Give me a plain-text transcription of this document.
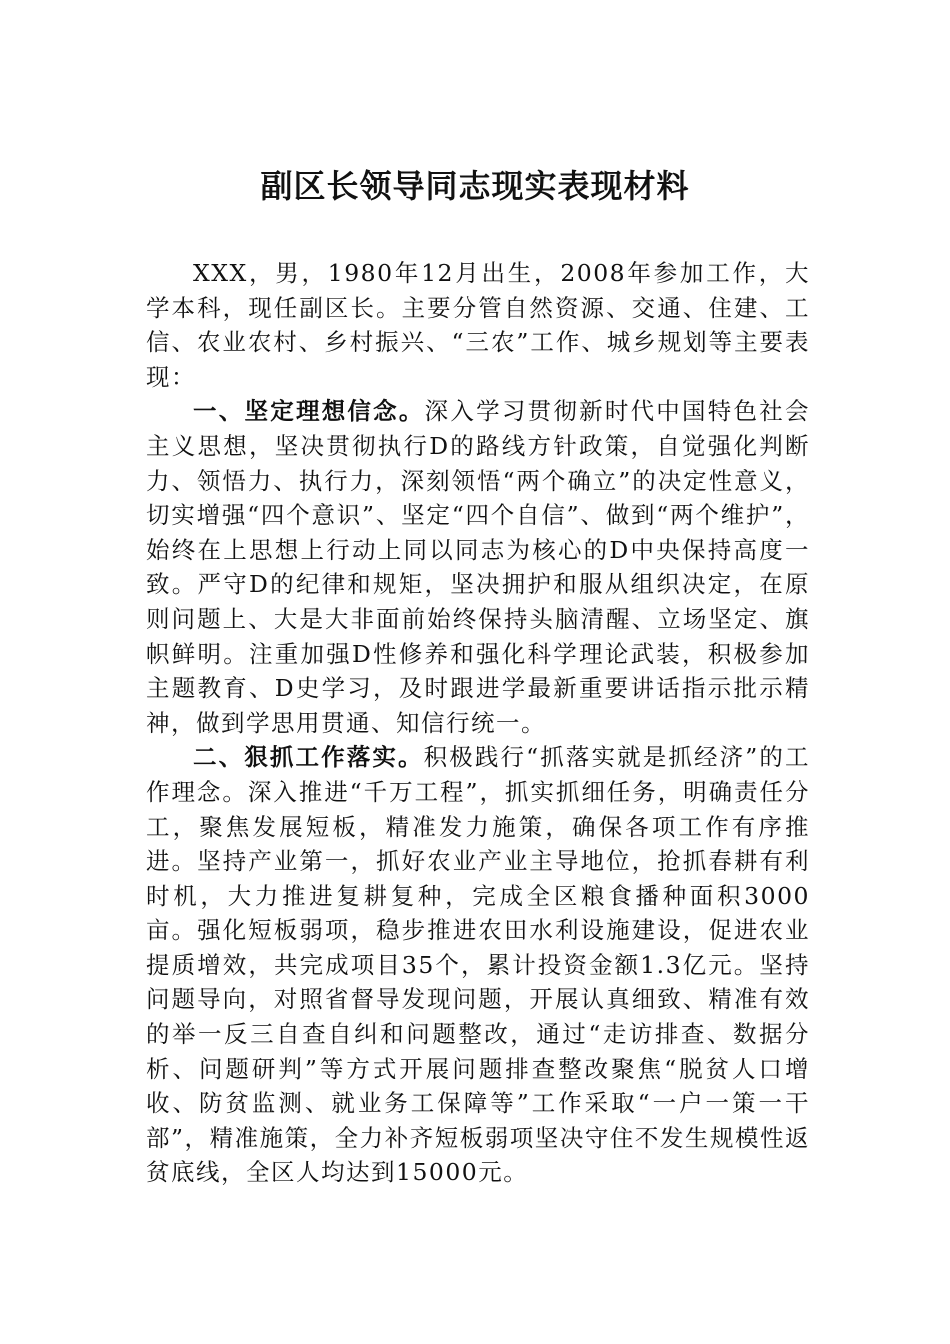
副区长领导同志现实表现材料

XXX，男，1980年12月出生，2008年参加工作，大学本科，现任副区长。主要分管自然资源、交通、住建、工信、农业农村、乡村振兴、“三农”工作、城乡规划等主要表现：

一、坚定理想信念。深入学习贯彻新时代中国特色社会主义思想，坚决贯彻执行D的路线方针政策，自觉强化判断力、领悟力、执行力，深刻领悟“两个确立”的决定性意义，切实增强“四个意识”、坚定“四个自信”、做到“两个维护”，始终在上思想上行动上同以同志为核心的D中央保持高度一致。严守D的纪律和规矩，坚决拥护和服从组织决定，在原则问题上、大是大非面前始终保持头脑清醒、立场坚定、旗帜鲜明。注重加强D性修养和强化科学理论武装，积极参加主题教育、D史学习，及时跟进学最新重要讲话指示批示精神，做到学思用贯通、知信行统一。

二、狠抓工作落实。积极践行“抓落实就是抓经济”的工作理念。深入推进“千万工程”，抓实抓细任务，明确责任分工，聚焦发展短板，精准发力施策，确保各项工作有序推进。坚持产业第一，抓好农业产业主导地位，抢抓春耕有利时机，大力推进复耕复种，完成全区粮食播种面积3000亩。强化短板弱项，稳步推进农田水利设施建设，促进农业提质增效，共完成项目35个，累计投资金额1.3亿元。坚持问题导向，对照省督导发现问题，开展认真细致、精准有效的举一反三自查自纠和问题整改，通过“走访排查、数据分析、问题研判”等方式开展问题排查整改聚焦“脱贫人口增收、防贫监测、就业务工保障等”工作采取“一户一策一干部”，精准施策，全力补齐短板弱项坚决守住不发生规模性返贫底线，全区人均达到15000元。
